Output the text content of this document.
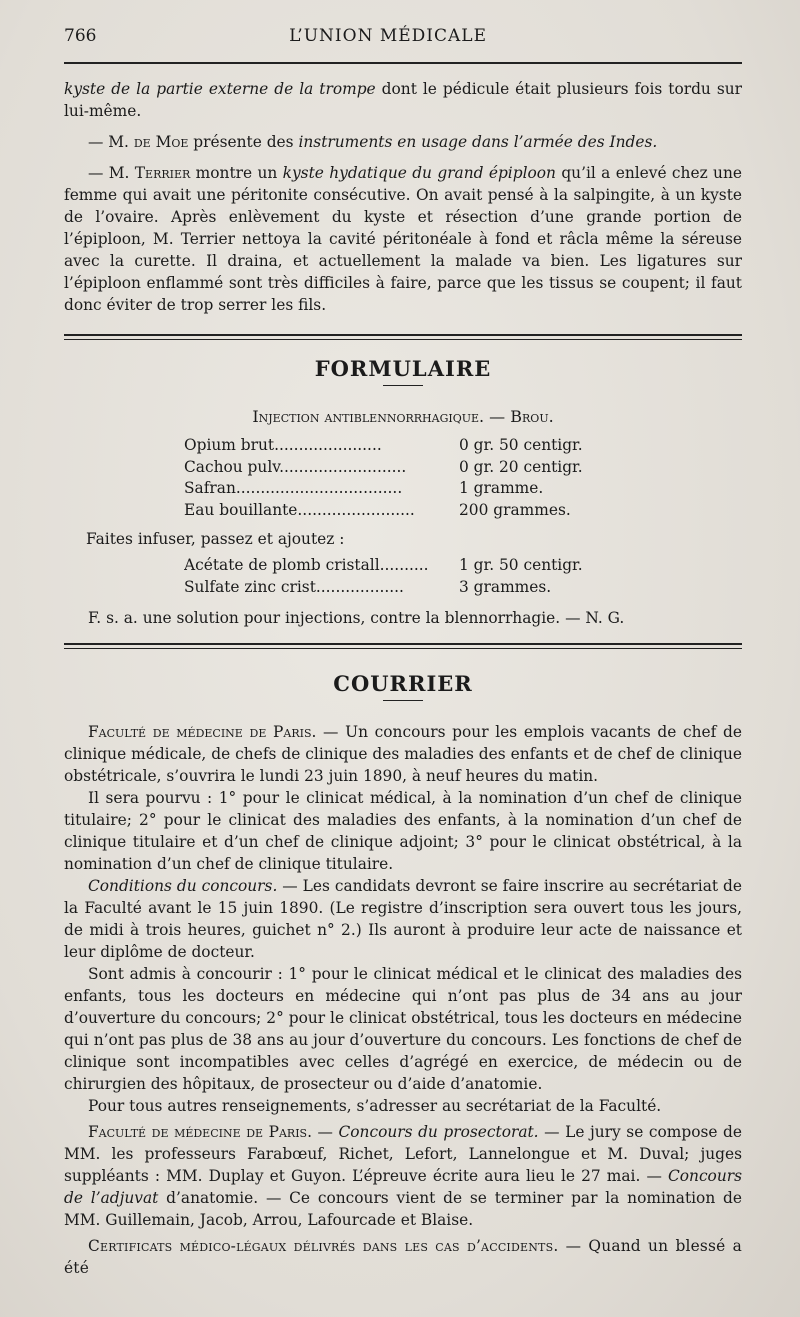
766	L’UNION MÉDICALE

kyste de la partie externe de la trompe dont le pédicule était plusieurs fois tordu sur lui-même.

— M. de Moe présente des instruments en usage dans l’armée des Indes.

— M. Terrier montre un kyste hydatique du grand épiploon qu’il a enlevé chez une femme qui avait une péritonite consécutive. On avait pensé à la salpingite, à un kyste de l’ovaire. Après enlèvement du kyste et résection d’une grande portion de l’épiploon, M. Terrier nettoya la cavité péritonéale à fond et râcla même la séreuse avec la curette. Il draina, et actuellement la malade va bien. Les ligatures sur l’épiploon enflammé sont très difficiles à faire, parce que les tissus se coupent; il faut donc éviter de trop serrer les fils.

FORMULAIRE

Injection antiblennorrhagique. — Brou.

Opium brut......................	0 gr. 50 centigr.
Cachou pulv..........................	0 gr. 20 centigr.
Safran..................................	1 gramme.
Eau bouillante........................	200 grammes.
Faites infuser, passez et ajoutez :
Acétate de plomb cristall..........	1 gr. 50 centigr.
Sulfate zinc crist..................	3 grammes.

F. s. a. une solution pour injections, contre la blennorrhagie. — N. G.

COURRIER

Faculté de médecine de Paris. — Un concours pour les emplois vacants de chef de clinique médicale, de chefs de clinique des maladies des enfants et de chef de clinique obstétricale, s’ouvrira le lundi 23 juin 1890, à neuf heures du matin.

Il sera pourvu : 1° pour le clinicat médical, à la nomination d’un chef de clinique titulaire; 2° pour le clinicat des maladies des enfants, à la nomination d’un chef de clinique titulaire et d’un chef de clinique adjoint; 3° pour le clinicat obstétrical, à la nomination d’un chef de clinique titulaire.

Conditions du concours. — Les candidats devront se faire inscrire au secrétariat de la Faculté avant le 15 juin 1890. (Le registre d’inscription sera ouvert tous les jours, de midi à trois heures, guichet n° 2.) Ils auront à produire leur acte de naissance et leur diplôme de docteur.

Sont admis à concourir : 1° pour le clinicat médical et le clinicat des maladies des enfants, tous les docteurs en médecine qui n’ont pas plus de 34 ans au jour d’ouverture du concours; 2° pour le clinicat obstétrical, tous les docteurs en médecine qui n’ont pas plus de 38 ans au jour d’ouverture du concours. Les fonctions de chef de clinique sont incompatibles avec celles d’agrégé en exercice, de médecin ou de chirurgien des hôpitaux, de prosecteur ou d’aide d’anatomie.

Pour tous autres renseignements, s’adresser au secrétariat de la Faculté.

Faculté de médecine de Paris. — Concours du prosectorat. — Le jury se compose de MM. les professeurs Farabœuf, Richet, Lefort, Lannelongue et M. Duval; juges suppléants : MM. Duplay et Guyon. L’épreuve écrite aura lieu le 27 mai. — Concours de l’adjuvat d’anatomie. — Ce concours vient de se terminer par la nomination de MM. Guillemain, Jacob, Arrou, Lafourcade et Blaise.

Certificats médico-légaux délivrés dans les cas d’accidents. — Quand un blessé a été
